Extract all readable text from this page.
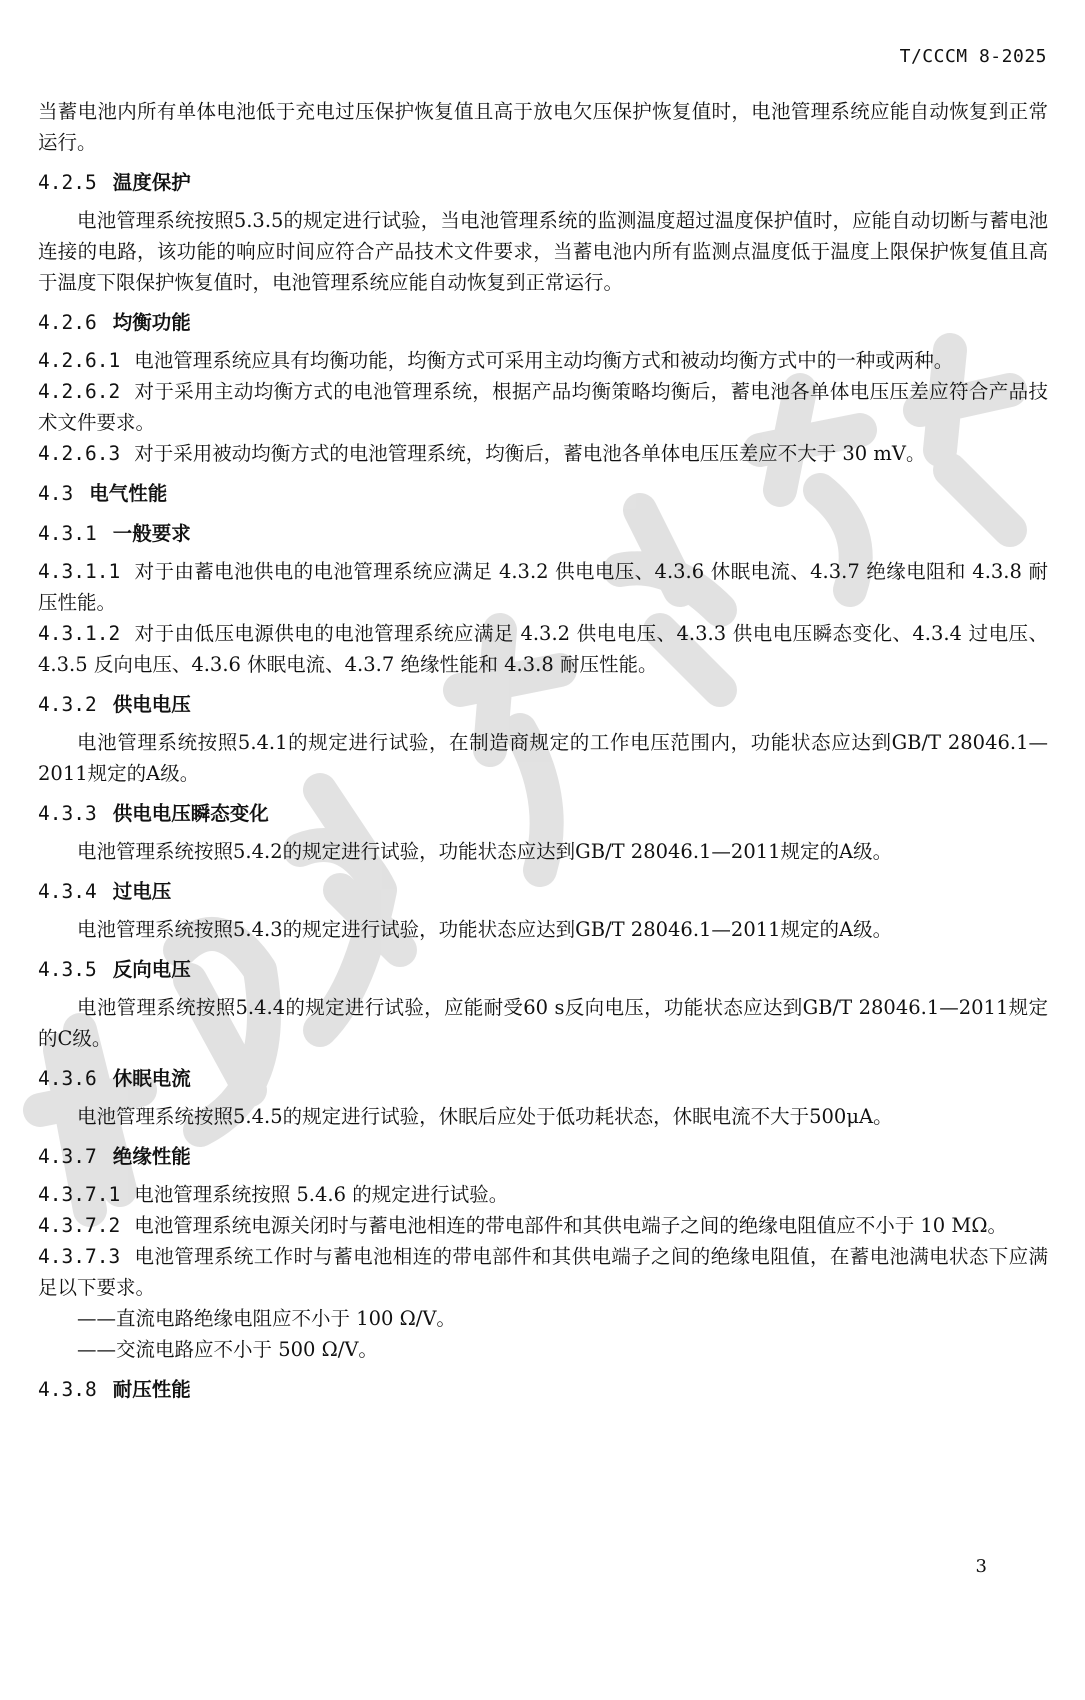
T/CCCM 8-2025

当蓄电池内所有单体电池低于充电过压保护恢复值且高于放电欠压保护恢复值时，电池管理系统应能自动恢复到正常运行。

4.2.5 温度保护

电池管理系统按照5.3.5的规定进行试验，当电池管理系统的监测温度超过温度保护值时，应能自动切断与蓄电池连接的电路，该功能的响应时间应符合产品技术文件要求，当蓄电池内所有监测点温度低于温度上限保护恢复值且高于温度下限保护恢复值时，电池管理系统应能自动恢复到正常运行。

4.2.6 均衡功能

4.2.6.1 电池管理系统应具有均衡功能，均衡方式可采用主动均衡方式和被动均衡方式中的一种或两种。

4.2.6.2 对于采用主动均衡方式的电池管理系统，根据产品均衡策略均衡后，蓄电池各单体电压压差应符合产品技术文件要求。

4.2.6.3 对于采用被动均衡方式的电池管理系统，均衡后，蓄电池各单体电压压差应不大于 30 mV。

4.3 电气性能
4.3.1 一般要求

4.3.1.1 对于由蓄电池供电的电池管理系统应满足 4.3.2 供电电压、4.3.6 休眠电流、4.3.7 绝缘电阻和 4.3.8 耐压性能。

4.3.1.2 对于由低压电源供电的电池管理系统应满足 4.3.2 供电电压、4.3.3 供电电压瞬态变化、4.3.4 过电压、4.3.5 反向电压、4.3.6 休眠电流、4.3.7 绝缘性能和 4.3.8 耐压性能。

4.3.2 供电电压

电池管理系统按照5.4.1的规定进行试验，在制造商规定的工作电压范围内，功能状态应达到GB/T 28046.1—2011规定的A级。

4.3.3 供电电压瞬态变化

电池管理系统按照5.4.2的规定进行试验，功能状态应达到GB/T 28046.1—2011规定的A级。

4.3.4 过电压

电池管理系统按照5.4.3的规定进行试验，功能状态应达到GB/T 28046.1—2011规定的A级。

4.3.5 反向电压

电池管理系统按照5.4.4的规定进行试验，应能耐受60 s反向电压，功能状态应达到GB/T 28046.1—2011规定的C级。

4.3.6 休眠电流

电池管理系统按照5.4.5的规定进行试验，休眠后应处于低功耗状态，休眠电流不大于500μA。

4.3.7 绝缘性能

4.3.7.1 电池管理系统按照 5.4.6 的规定进行试验。

4.3.7.2 电池管理系统电源关闭时与蓄电池相连的带电部件和其供电端子之间的绝缘电阻值应不小于 10 MΩ。

4.3.7.3 电池管理系统工作时与蓄电池相连的带电部件和其供电端子之间的绝缘电阻值，在蓄电池满电状态下应满足以下要求。

——直流电路绝缘电阻应不小于 100 Ω/V。

——交流电路应不小于 500 Ω/V。

4.3.8 耐压性能
3
